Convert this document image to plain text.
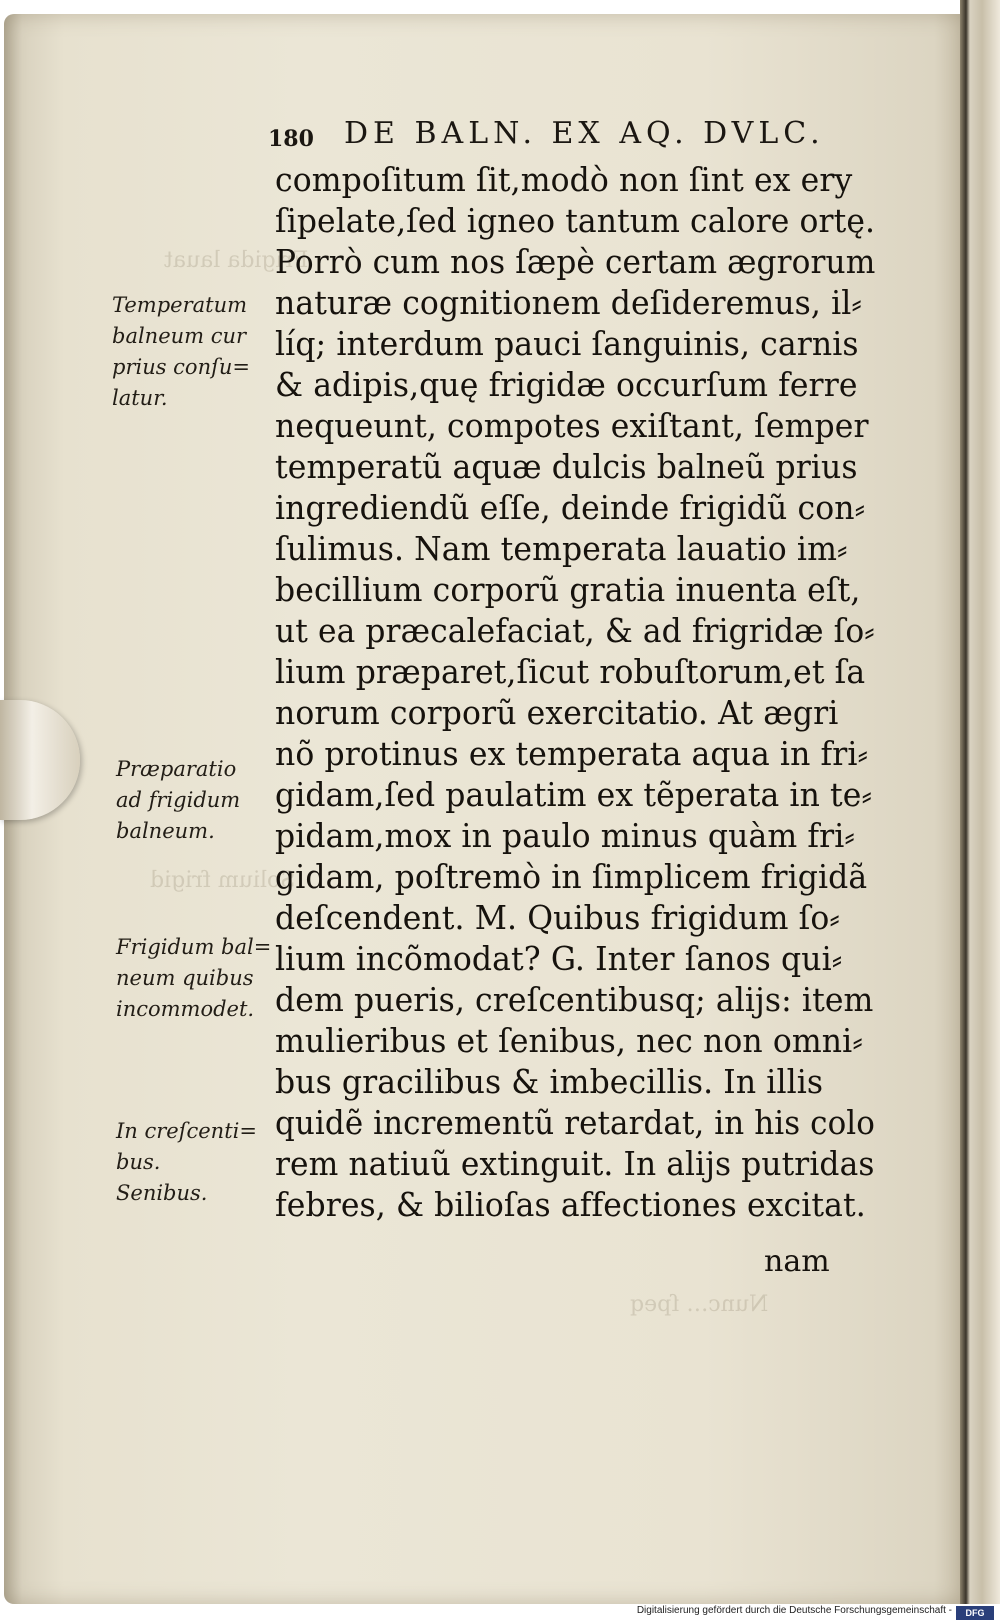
Frigida lauat
Solium frigid
Nunc… ſpeq
180 DE BALN. EX AQ. DVLC.
compoſitum ſit,modò non ſint ex ery
ſipelate,ſed igneo tantum calore ortę.
Porrò cum nos ſæpè certam ægrorum
naturæ cognitionem deſideremus, il⸗
líq; interdum pauci ſanguinis, carnis
& adipis,quę frigidæ occurſum ferre
nequeunt, compotes exiſtant, ſemper
temperatũ aquæ dulcis balneũ prius
ingrediendũ eſſe, deinde frigidũ con⸗
ſulimus. Nam temperata lauatio im⸗
becillium corporũ gratia inuenta eſt,
ut ea præcalefaciat, & ad frigridæ ſo⸗
lium præparet,ſicut robuſtorum,et ſa
norum corporũ exercitatio. At ægri
nõ protinus ex temperata aqua in fri⸗
gidam,ſed paulatim ex tẽperata in te⸗
pidam,mox in paulo minus quàm fri⸗
gidam, poſtremò in ſimplicem frigidã
deſcendent. M. Quibus frigidum ſo⸗
lium incõmodat? G. Inter ſanos qui⸗
dem pueris, creſcentibusq; alijs: item
mulieribus et ſenibus, nec non omni⸗
bus gracilibus & imbecillis. In illis
quidẽ incrementũ retardat, in his colo
rem natiuũ extinguit. In alijs putridas
febres, & bilioſas affectiones excitat.
nam
Temperatum
balneum cur
prius conſu=
latur.
Præparatio
ad frigidum
balneum.
Frigidum bal=
neum quibus
incommodet.
In creſcenti=
bus.
Senibus.
Digitalisierung gefördert durch die Deutsche Forschungsgemeinschaft -	DFG
